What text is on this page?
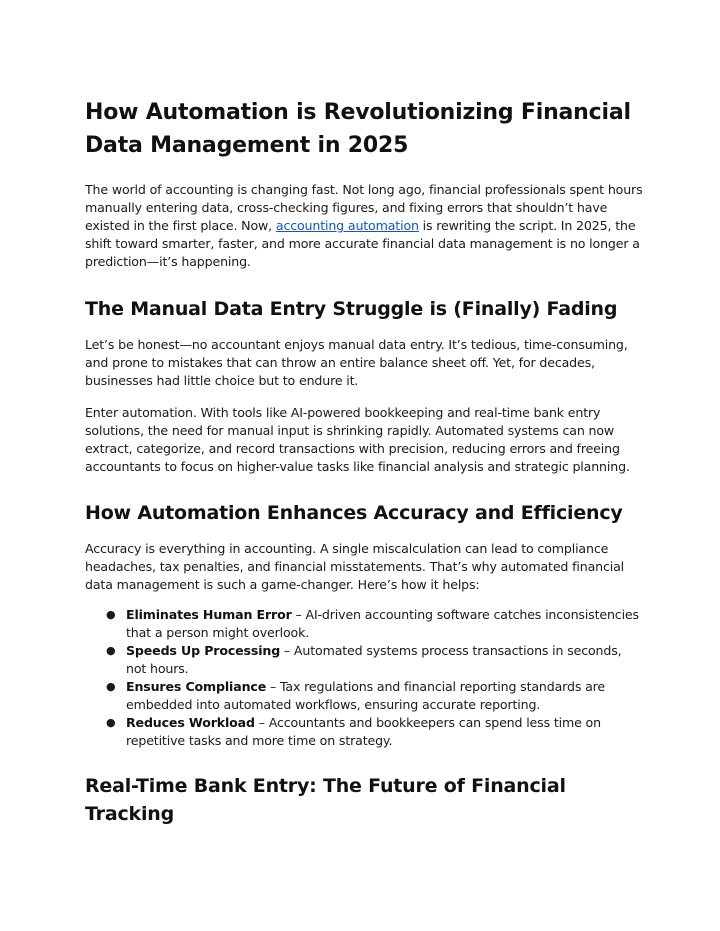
How Automation is Revolutionizing Financial Data Management in 2025

The world of accounting is changing fast. Not long ago, financial professionals spent hours manually entering data, cross-checking figures, and fixing errors that shouldn’t have existed in the first place. Now, accounting automation is rewriting the script. In 2025, the shift toward smarter, faster, and more accurate financial data management is no longer a prediction—it’s happening.

The Manual Data Entry Struggle is (Finally) Fading

Let’s be honest—no accountant enjoys manual data entry. It’s tedious, time-consuming, and prone to mistakes that can throw an entire balance sheet off. Yet, for decades, businesses had little choice but to endure it.

Enter automation. With tools like AI-powered bookkeeping and real-time bank entry solutions, the need for manual input is shrinking rapidly. Automated systems can now extract, categorize, and record transactions with precision, reducing errors and freeing accountants to focus on higher-value tasks like financial analysis and strategic planning.

How Automation Enhances Accuracy and Efficiency

Accuracy is everything in accounting. A single miscalculation can lead to compliance headaches, tax penalties, and financial misstatements. That’s why automated financial data management is such a game-changer. Here’s how it helps:

● Eliminates Human Error – AI-driven accounting software catches inconsistencies that a person might overlook.
● Speeds Up Processing – Automated systems process transactions in seconds, not hours.
● Ensures Compliance – Tax regulations and financial reporting standards are embedded into automated workflows, ensuring accurate reporting.
● Reduces Workload – Accountants and bookkeepers can spend less time on repetitive tasks and more time on strategy.
Real-Time Bank Entry: The Future of Financial Tracking
